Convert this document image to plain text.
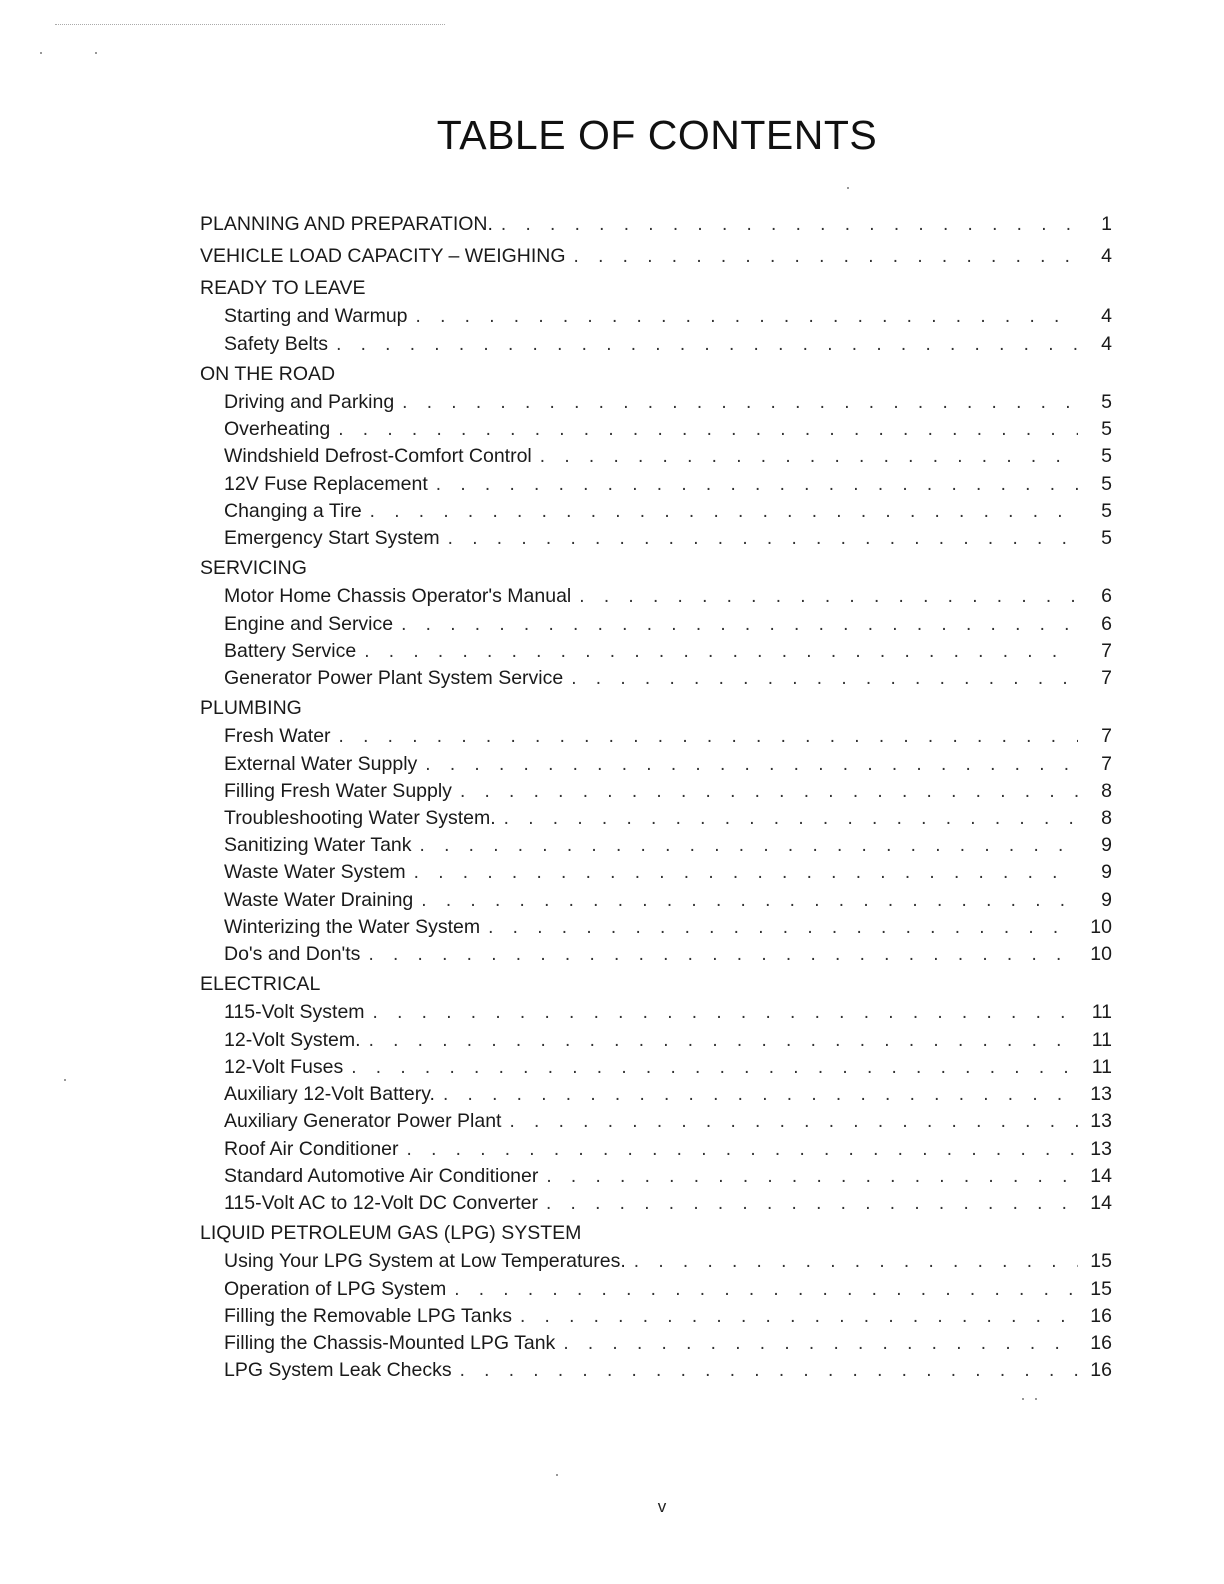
TABLE OF CONTENTS
PLANNING AND PREPARATION. . . .	1
VEHICLE LOAD CAPACITY – WEIGHING . . .	4
READY TO LEAVE
Starting and Warmup . . .	4
Safety Belts . . .	4
ON THE ROAD
Driving and Parking . . .	5
Overheating . . .	5
Windshield Defrost-Comfort Control . . .	5
12V Fuse Replacement . . .	5
Changing a Tire . . .	5
Emergency Start System . . .	5
SERVICING
Motor Home Chassis Operator's Manual . . .	6
Engine and Service . . .	6
Battery Service . . .	7
Generator Power Plant System Service . . .	7
PLUMBING
Fresh Water . . .	7
External Water Supply . . .	7
Filling Fresh Water Supply . . .	8
Troubleshooting Water System. . . .	8
Sanitizing Water Tank . . .	9
Waste Water System . . .	9
Waste Water Draining . . .	9
Winterizing the Water System . . .	10
Do's and Don'ts . . .	10
ELECTRICAL
115-Volt System . . .	11
12-Volt System. . . .	11
12-Volt Fuses . . .	11
Auxiliary 12-Volt Battery. . . .	13
Auxiliary Generator Power Plant . . .	13
Roof Air Conditioner . . .	13
Standard Automotive Air Conditioner . . .	14
115-Volt AC to 12-Volt DC Converter . . .	14
LIQUID PETROLEUM GAS (LPG) SYSTEM
Using Your LPG System at Low Temperatures. . . .	15
Operation of LPG System . . .	15
Filling the Removable LPG Tanks . . .	16
Filling the Chassis-Mounted LPG Tank . . .	16
LPG System Leak Checks . . .	16
v
